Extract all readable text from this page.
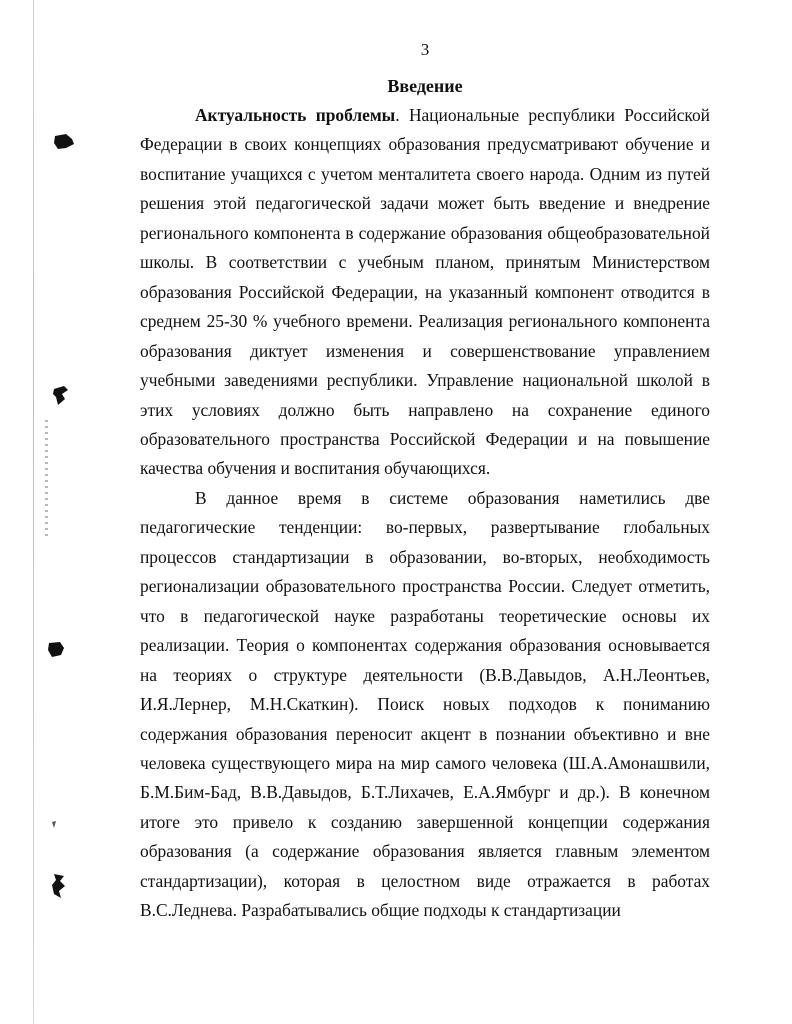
3
Введение

Актуальность проблемы. Национальные республики Российской Федерации в своих концепциях образования предусматривают обучение и воспитание учащихся с учетом менталитета своего народа. Одним из путей решения этой педагогической задачи может быть введение и внедрение регионального компонента в содержание образования общеобразовательной школы. В соответствии с учебным планом, принятым Министерством образования Российской Федерации, на указанный компонент отводится в среднем 25-30 % учебного времени. Реализация регионального компонента образования диктует изменения и совершенствование управлением учебными заведениями республики. Управление национальной школой в этих условиях должно быть направлено на сохранение единого образовательного пространства Российской Федерации и на повышение качества обучения и воспитания обучающихся.

В данное время в системе образования наметились две педагогические тенденции: во-первых, развертывание глобальных процессов стандартизации в образовании, во-вторых, необходимость регионализации образовательного пространства России. Следует отметить, что в педагогической науке разработаны теоретические основы их реализации. Теория о компонентах содержания образования основывается на теориях о структуре деятельности (В.В.Давыдов, А.Н.Леонтьев, И.Я.Лернер, М.Н.Скаткин). Поиск новых подходов к пониманию содержания образования переносит акцент в познании объективно и вне человека существующего мира на мир самого человека (Ш.А.Амонашвили, Б.М.Бим-Бад, В.В.Давыдов, Б.Т.Лихачев, Е.А.Ямбург и др.). В конечном итоге это привело к созданию завершенной концепции содержания образования (а содержание образования является главным элементом стандартизации), которая в целостном виде отражается в работах В.С.Леднева. Разрабатывались общие подходы к стандартизации
